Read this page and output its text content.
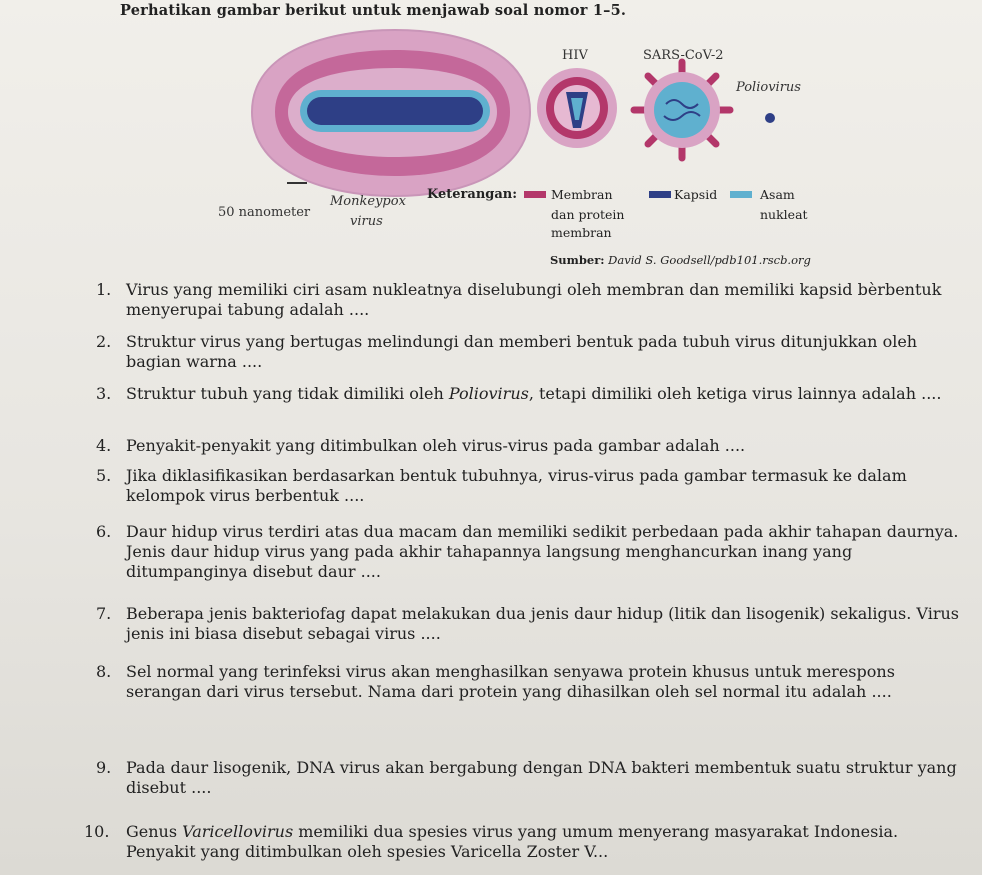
Perhatikan gambar berikut untuk menjawab soal nomor 1–5.
HIV	SARS-CoV-2
Poliovirus
50 nanometer
Monkeypox
virus
Keterangan:	Membran
dan protein
membran
Kapsid	Asam
nukleat
Sumber: David S. Goodsell/pdb101.rscb.org
1. Virus yang memiliki ciri asam nukleatnya diselubungi oleh membran dan memiliki kapsid bèrbentuk menyerupai tabung adalah ....
2. Struktur virus yang bertugas melindungi dan memberi bentuk pada tubuh virus ditunjukkan oleh bagian warna ....
3. Struktur tubuh yang tidak dimiliki oleh Poliovirus, tetapi dimiliki oleh ketiga virus lainnya adalah ....
4. Penyakit-penyakit yang ditimbulkan oleh virus-virus pada gambar adalah ....
5. Jika diklasifikasikan berdasarkan bentuk tubuhnya, virus-virus pada gambar termasuk ke dalam kelompok virus berbentuk ....
6. Daur hidup virus terdiri atas dua macam dan memiliki sedikit perbedaan pada akhir tahapan daurnya. Jenis daur hidup virus yang pada akhir tahapannya langsung menghancurkan inang yang ditumpanginya disebut daur ....
7. Beberapa jenis bakteriofag dapat melakukan dua jenis daur hidup (litik dan lisogenik) sekaligus. Virus jenis ini biasa disebut sebagai virus ....
8. Sel normal yang terinfeksi virus akan menghasilkan senyawa protein khusus untuk merespons serangan dari virus tersebut. Nama dari protein yang dihasilkan oleh sel normal itu adalah ....
9. Pada daur lisogenik, DNA virus akan bergabung dengan DNA bakteri membentuk suatu struktur yang disebut ....
10. Genus Varicellovirus memiliki dua spesies virus yang umum menyerang masyarakat Indonesia. Penyakit yang ditimbulkan oleh spesies Varicella Zoster V...
